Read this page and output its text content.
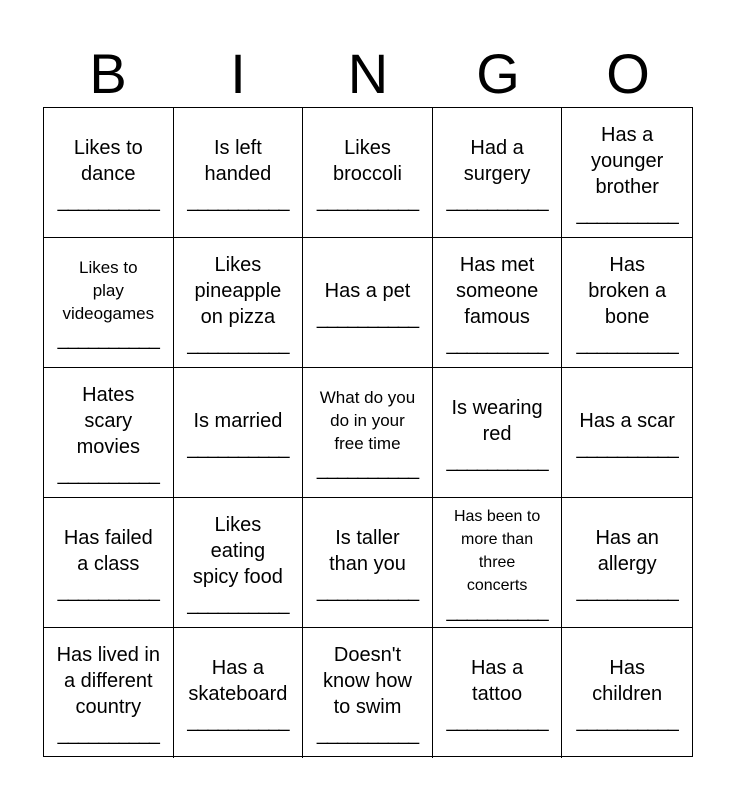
B	I	N	G	O
Likes to
dance
__________
Is left
handed
__________
Likes
broccoli
__________
Had a
surgery
__________
Has a
younger
brother
__________
Likes to
play
videogames
__________
Likes
pineapple
on pizza
__________
Has a pet
__________
Has met
someone
famous
__________
Has
broken a
bone
__________
Hates
scary
movies
__________
Is married
__________
What do you
do in your
free time
__________
Is wearing
red
__________
Has a scar
__________
Has failed
a class
__________
Likes
eating
spicy food
__________
Is taller
than you
__________
Has been to
more than
three
concerts
__________
Has an
allergy
__________
Has lived in
a different
country
__________
Has a
skateboard
__________
Doesn't
know how
to swim
__________
Has a
tattoo
__________
Has
children
__________
